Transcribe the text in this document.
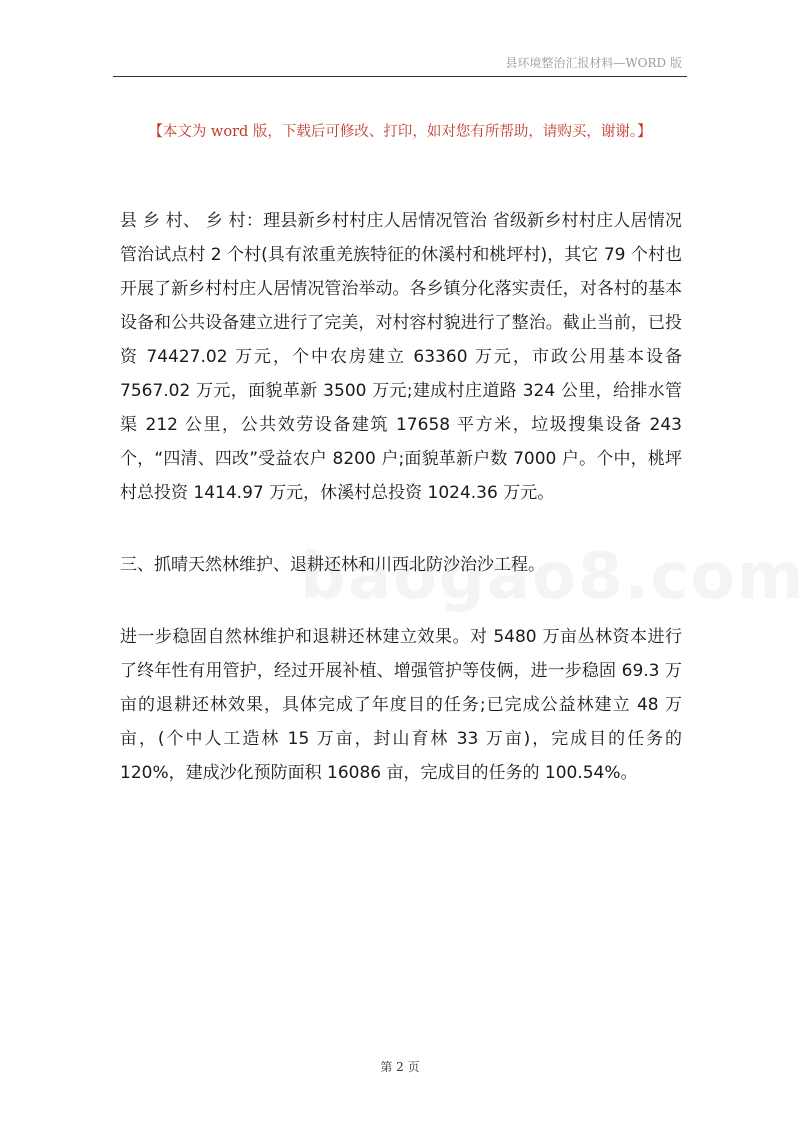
县环境整治汇报材料—WORD 版
【本文为 word 版，下载后可修改、打印，如对您有所帮助，请购买，谢谢。】

县 乡 村、 乡 村：理县新乡村村庄人居情况管治 省级新乡村村庄人居情况管治试点村 2 个村(具有浓重羌族特征的休溪村和桃坪村)，其它 79 个村也开展了新乡村村庄人居情况管治举动。各乡镇分化落实责任，对各村的基本设备和公共设备建立进行了完美，对村容村貌进行了整治。截止当前，已投资 74427.02 万元，个中农房建立 63360 万元，市政公用基本设备 7567.02 万元，面貌革新 3500 万元;建成村庄道路 324 公里，给排水管渠 212 公里，公共效劳设备建筑 17658 平方米，垃圾搜集设备 243 个，“四清、四改”受益农户 8200 户;面貌革新户数 7000 户。个中，桃坪村总投资 1414.97 万元，休溪村总投资 1024.36 万元。

三、抓晴天然林维护、退耕还林和川西北防沙治沙工程。

进一步稳固自然林维护和退耕还林建立效果。对 5480 万亩丛林资本进行了终年性有用管护，经过开展补植、增强管护等伎俩，进一步稳固 69.3 万亩的退耕还林效果，具体完成了年度目的任务;已完成公益林建立 48 万亩，(个中人工造林 15 万亩，封山育林 33 万亩)，完成目的任务的 120%，建成沙化预防面积 16086 亩，完成目的任务的 100.54%。

第 2 页
